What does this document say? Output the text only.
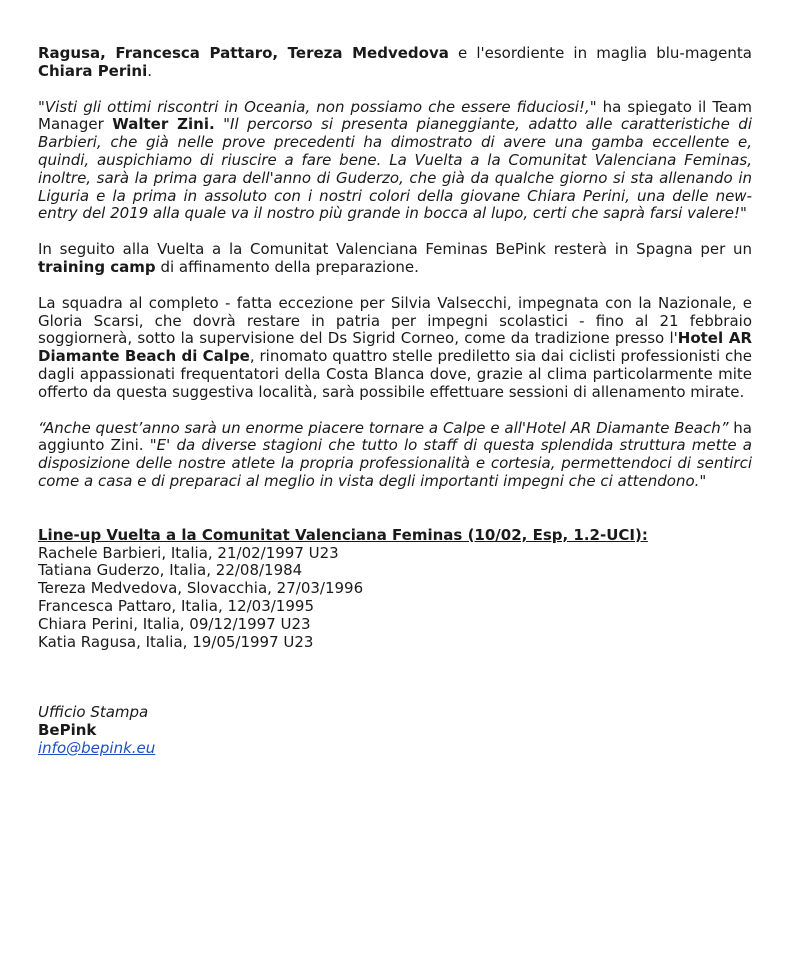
Ragusa, Francesca Pattaro, Tereza Medvedova e l'esordiente in maglia blu-magenta Chiara Perini.

"Visti gli ottimi riscontri in Oceania, non possiamo che essere fiduciosi!," ha spiegato il Team Manager Walter Zini. "Il percorso si presenta pianeggiante, adatto alle caratteristiche di Barbieri, che già nelle prove precedenti ha dimostrato di avere una gamba eccellente e, quindi, auspichiamo di riuscire a fare bene. La Vuelta a la Comunitat Valenciana Feminas, inoltre, sarà la prima gara dell'anno di Guderzo, che già da qualche giorno si sta allenando in Liguria e la prima in assoluto con i nostri colori della giovane Chiara Perini, una delle new-entry del 2019 alla quale va il nostro più grande in bocca al lupo, certi che saprà farsi valere!"

In seguito alla Vuelta a la Comunitat Valenciana Feminas BePink resterà in Spagna per un training camp di affinamento della preparazione.

La squadra al completo - fatta eccezione per Silvia Valsecchi, impegnata con la Nazionale, e Gloria Scarsi, che dovrà restare in patria per impegni scolastici - fino al 21 febbraio soggiornerà, sotto la supervisione del Ds Sigrid Corneo, come da tradizione presso l'Hotel AR Diamante Beach di Calpe, rinomato quattro stelle prediletto sia dai ciclisti professionisti che dagli appassionati frequentatori della Costa Blanca dove, grazie al clima particolarmente mite offerto da questa suggestiva località, sarà possibile effettuare sessioni di allenamento mirate.

“Anche quest’anno sarà un enorme piacere tornare a Calpe e all'Hotel AR Diamante Beach” ha aggiunto Zini. "E' da diverse stagioni che tutto lo staff di questa splendida struttura mette a disposizione delle nostre atlete la propria professionalità e cortesia, permettendoci di sentirci come a casa e di preparaci al meglio in vista degli importanti impegni che ci attendono."

Line-up Vuelta a la Comunitat Valenciana Feminas (10/02, Esp, 1.2-UCI):
Rachele Barbieri, Italia, 21/02/1997 U23
Tatiana Guderzo, Italia, 22/08/1984
Tereza Medvedova, Slovacchia, 27/03/1996
Francesca Pattaro, Italia, 12/03/1995
Chiara Perini, Italia, 09/12/1997 U23
Katia Ragusa, Italia, 19/05/1997 U23
Ufficio Stampa
BePink
info@bepink.eu
